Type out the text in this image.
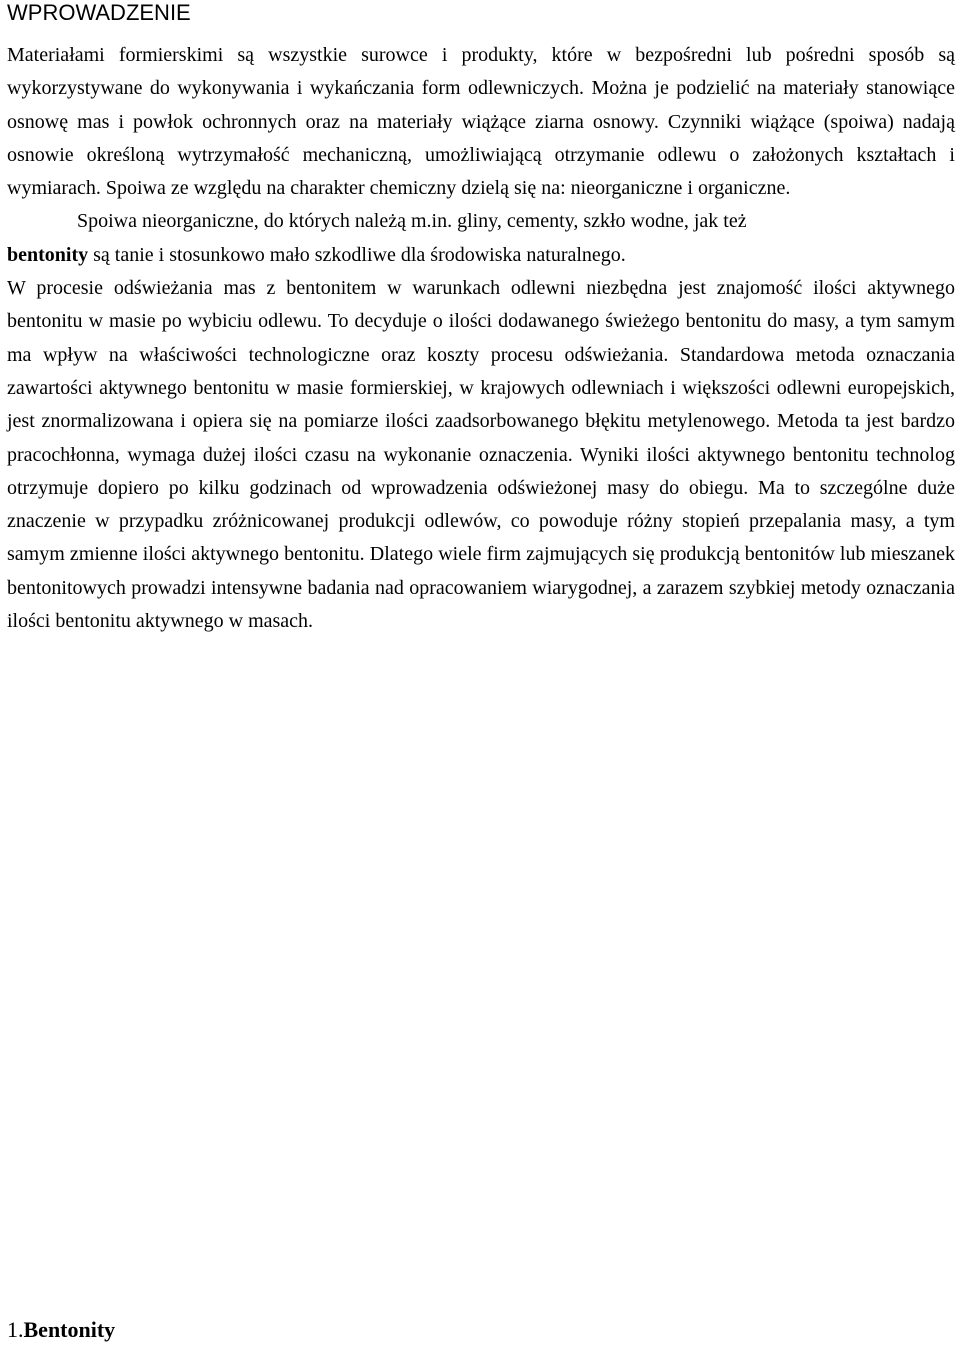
WPROWADZENIE

Materiałami formierskimi są wszystkie surowce i produkty, które w bezpośredni lub pośredni sposób są wykorzystywane do wykonywania i wykańczania form odlewniczych. Można je podzielić na materiały stanowiące osnowę mas i powłok ochronnych oraz na materiały wiążące ziarna osnowy. Czynniki wiążące (spoiwa) nadają osnowie określoną wytrzymałość mechaniczną, umożliwiającą otrzymanie odlewu o założonych kształtach i wymiarach. Spoiwa ze względu na charakter chemiczny dzielą się na: nieorganiczne i organiczne.

Spoiwa nieorganiczne, do których należą m.in. gliny, cementy, szkło wodne, jak też

bentonity są tanie i stosunkowo mało szkodliwe dla środowiska naturalnego.

W procesie odświeżania mas z bentonitem w warunkach odlewni niezbędna jest znajomość ilości aktywnego bentonitu w masie po wybiciu odlewu. To decyduje o ilości dodawanego świeżego bentonitu do masy, a tym samym ma wpływ na właściwości technologiczne oraz koszty procesu odświeżania. Standardowa metoda oznaczania zawartości aktywnego bentonitu w masie formierskiej, w krajowych odlewniach i większości odlewni europejskich, jest znormalizowana i opiera się na pomiarze ilości zaadsorbowanego błękitu metylenowego. Metoda ta jest bardzo pracochłonna, wymaga dużej ilości czasu na wykonanie oznaczenia. Wyniki ilości aktywnego bentonitu technolog otrzymuje dopiero po kilku godzinach od wprowadzenia odświeżonej masy do obiegu. Ma to szczególne duże znaczenie w przypadku zróżnicowanej produkcji odlewów, co powoduje różny stopień przepalania masy, a tym samym zmienne ilości aktywnego bentonitu. Dlatego wiele firm zajmujących się produkcją bentonitów lub mieszanek bentonitowych prowadzi intensywne badania nad opracowaniem wiarygodnej, a zarazem szybkiej metody oznaczania ilości bentonitu aktywnego w masach.

1.Bentonity
